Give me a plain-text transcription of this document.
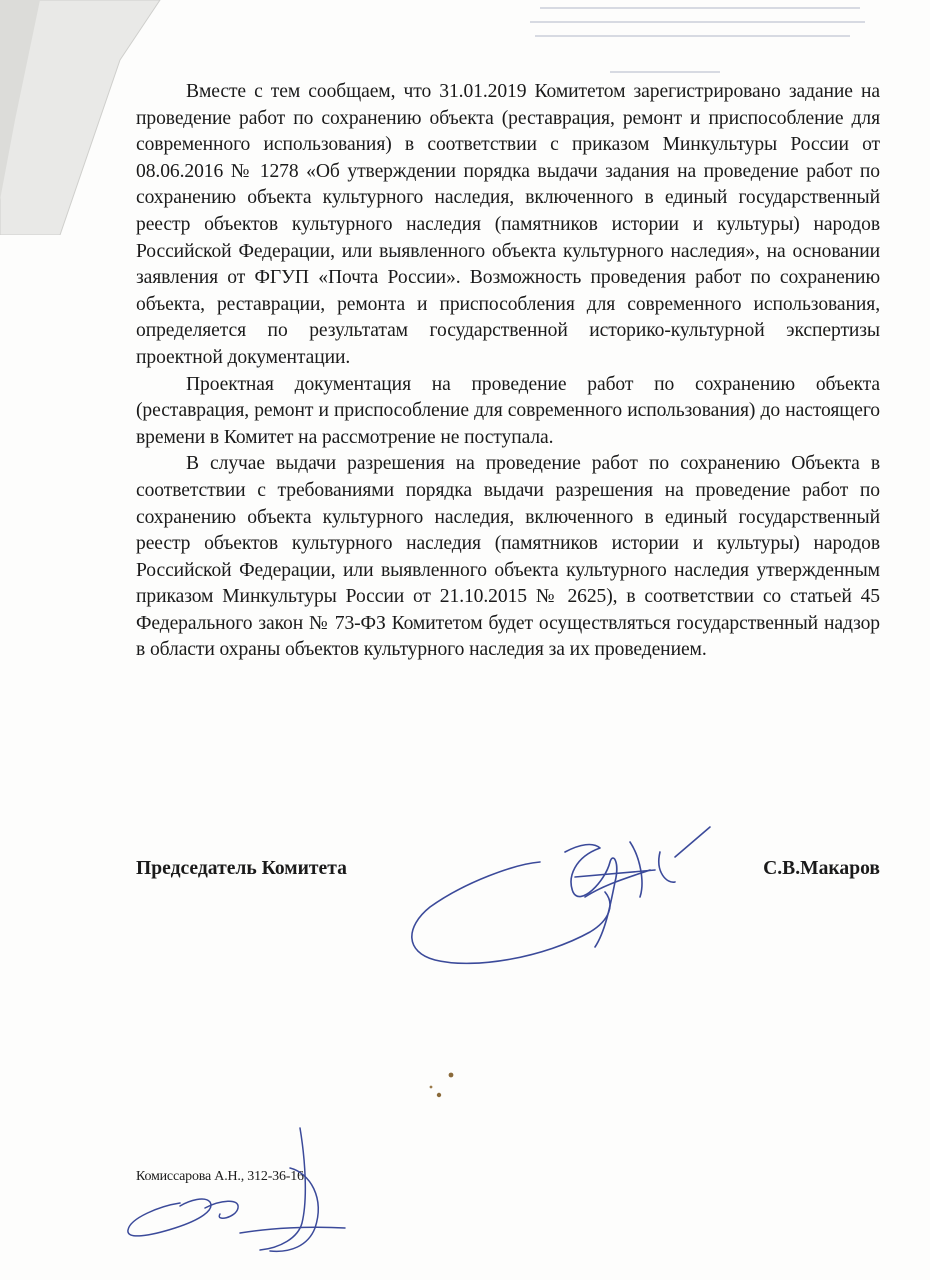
Вместе с тем сообщаем, что 31.01.2019 Комитетом зарегистрировано задание на проведение работ по сохранению объекта (реставрация, ремонт и приспособление для современного использования) в соответствии с приказом Минкультуры России от 08.06.2016 № 1278 «Об утверждении порядка выдачи задания на проведение работ по сохранению объекта культурного наследия, включенного в единый государственный реестр объектов культурного наследия (памятников истории и культуры) народов Российской Федерации, или выявленного объекта культурного наследия», на основании заявления от ФГУП «Почта России». Возможность проведения работ по сохранению объекта, реставрации, ремонта и приспособления для современного использования, определяется по результатам государственной историко-культурной экспертизы проектной документации.

Проектная документация на проведение работ по сохранению объекта (реставрация, ремонт и приспособление для современного использования) до настоящего времени в Комитет на рассмотрение не поступала.

В случае выдачи разрешения на проведение работ по сохранению Объекта в соответствии с требованиями порядка выдачи разрешения на проведение работ по сохранению объекта культурного наследия, включенного в единый государственный реестр объектов культурного наследия (памятников истории и культуры) народов Российской Федерации, или выявленного объекта культурного наследия утвержденным приказом Минкультуры России от 21.10.2015 № 2625), в соответствии со статьей 45 Федерального закон № 73-ФЗ Комитетом будет осуществляться государственный надзор в области охраны объектов культурного наследия за их проведением.

Председатель Комитета	С.В.Макаров
Комиссарова А.Н., 312-36-16
